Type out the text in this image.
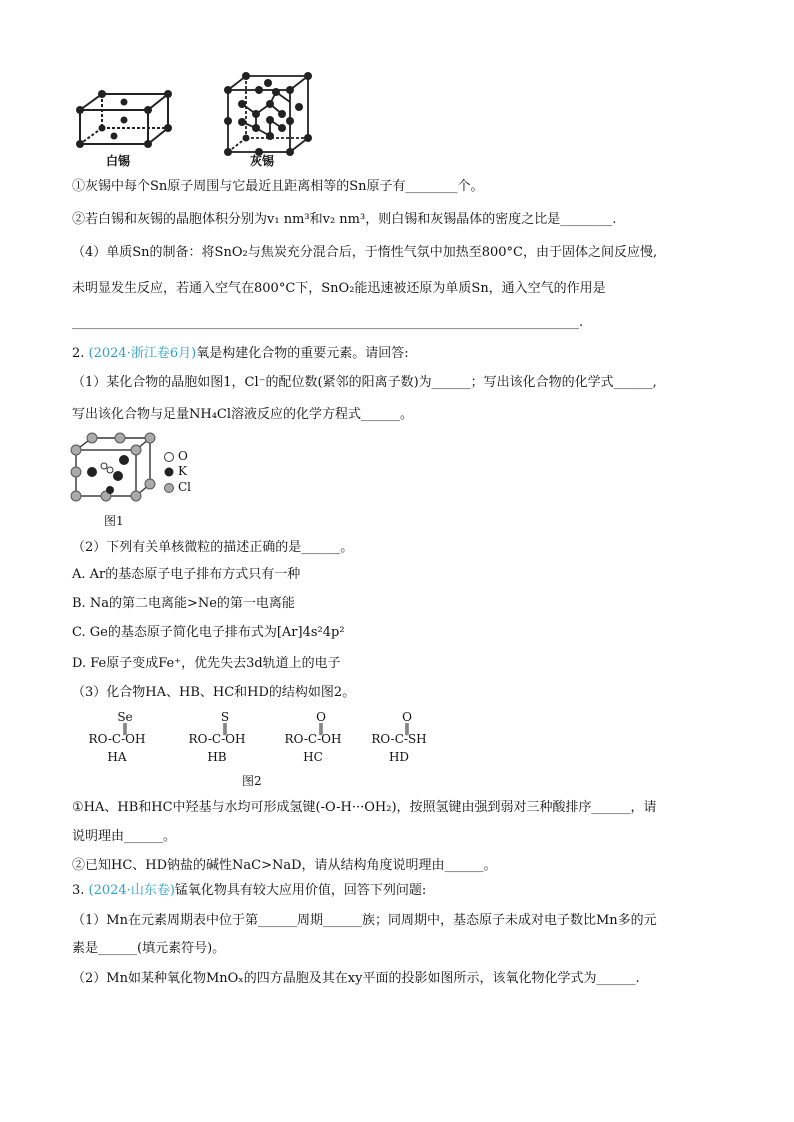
白锡	灰锡
①灰锡中每个Sn原子周围与它最近且距离相等的Sn原子有________个。
②若白锡和灰锡的晶胞体积分别为v₁ nm³和v₂ nm³，则白锡和灰锡晶体的密度之比是________.
（4）单质Sn的制备：将SnO₂与焦炭充分混合后，于惰性气氛中加热至800°C，由于固体之间反应慢,
未明显发生反应，若通入空气在800°C下，SnO₂能迅速被还原为单质Sn，通入空气的作用是
______________________________________________________________________________.
2. (2024·浙江卷6月)氧是构建化合物的重要元素。请回答:
（1）某化合物的晶胞如图1，Cl⁻的配位数(紧邻的阳离子数)为______；写出该化合物的化学式______,
写出该化合物与足量NH₄Cl溶液反应的化学方程式______。
O
K
Cl
图1
（2）下列有关单核微粒的描述正确的是______。
A. Ar的基态原子电子排布方式只有一种
B. Na的第二电离能>Ne的第一电离能
C. Ge的基态原子简化电子排布式为[Ar]4s²4p²
D. Fe原子变成Fe⁺，优先失去3d轨道上的电子
（3）化合物HA、HB、HC和HD的结构如图2。
Se
‖
RO-C-OH
HA
S
‖
RO-C-OH
HB
O
‖
RO-C-OH
HC
O
‖
RO-C-SH
HD
图2
①HA、HB和HC中羟基与水均可形成氢键(-O-H···OH₂)，按照氢键由强到弱对三种酸排序______，请
说明理由______。
②已知HC、HD钠盐的碱性NaC>NaD，请从结构角度说明理由______。
3. (2024·山东卷)锰氧化物具有较大应用价值，回答下列问题:
（1）Mn在元素周期表中位于第______周期______族；同周期中，基态原子未成对电子数比Mn多的元
素是______(填元素符号)。
（2）Mn如某种氧化物MnOₓ的四方晶胞及其在xy平面的投影如图所示，该氧化物化学式为______.
